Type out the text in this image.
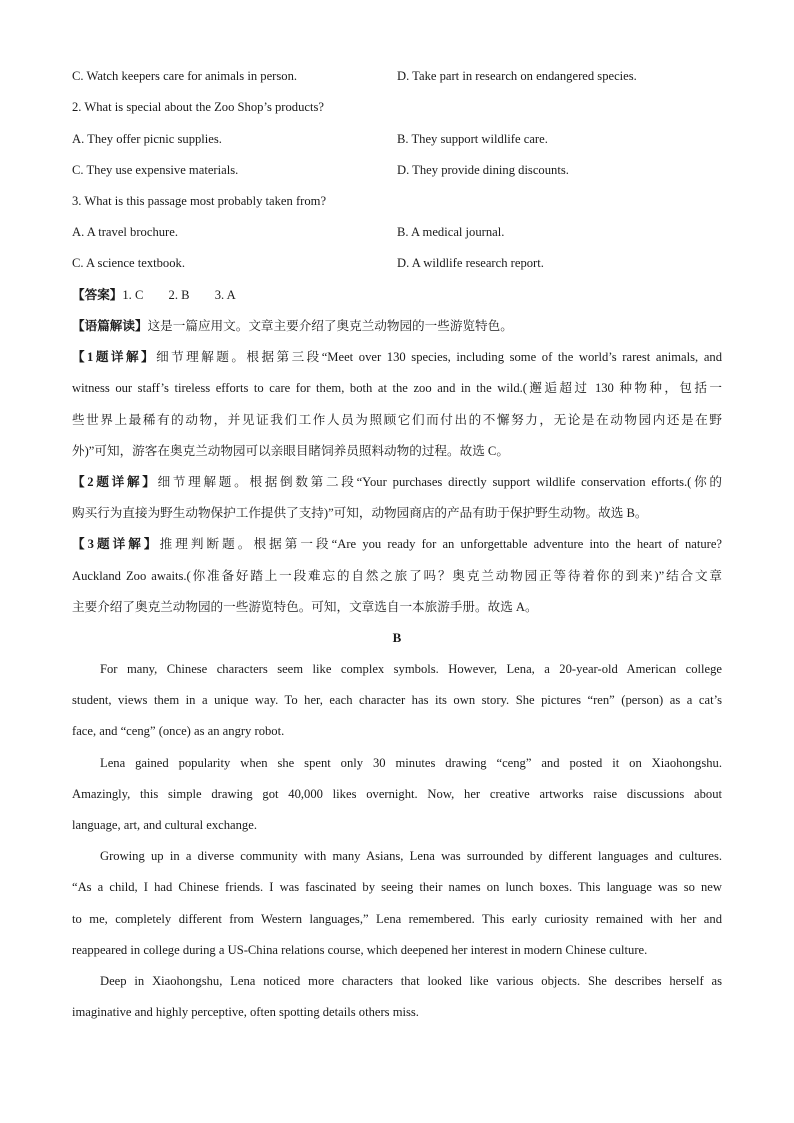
C. Watch keepers care for animals in person.	D. Take part in research on endangered species.
2. What is special about the Zoo Shop’s products?
A. They offer picnic supplies.	B. They support wildlife care.
C. They use expensive materials.	D. They provide dining discounts.
3. What is this passage most probably taken from?
A. A travel brochure.	B. A medical journal.
C. A science textbook.	D. A wildlife research report.
【答案】1. C　　2. B　　3. A
【语篇解读】这是一篇应用文。文章主要介绍了奥克兰动物园的一些游览特色。
【1题详解】细节理解题。根据第三段“Meet over 130 species, including some of the world’s rarest animals, and
witness our staff’s tireless efforts to care for them, both at the zoo and in the wild.(邂逅超过 130 种物种，包括一
些世界上最稀有的动物，并见证我们工作人员为照顾它们而付出的不懈努力，无论是在动物园内还是在野
外)”可知，游客在奥克兰动物园可以亲眼目睹饲养员照料动物的过程。故选 C。
【2题详解】细节理解题。根据倒数第二段“Your purchases directly support wildlife conservation efforts.(你的
购买行为直接为野生动物保护工作提供了支持)”可知，动物园商店的产品有助于保护野生动物。故选 B。
【3题详解】推理判断题。根据第一段“Are you ready for an unforgettable adventure into the heart of nature?
Auckland Zoo awaits.(你准备好踏上一段难忘的自然之旅了吗？奥克兰动物园正等待着你的到来)”结合文章
主要介绍了奥克兰动物园的一些游览特色。可知，文章选自一本旅游手册。故选 A。
B
For many, Chinese characters seem like complex symbols. However, Lena, a 20-year-old American college
student, views them in a unique way. To her, each character has its own story. She pictures “ren” (person) as a cat’s
face, and “ceng” (once) as an angry robot.
Lena gained popularity when she spent only 30 minutes drawing “ceng” and posted it on Xiaohongshu.
Amazingly, this simple drawing got 40,000 likes overnight. Now, her creative artworks raise discussions about
language, art, and cultural exchange.
Growing up in a diverse community with many Asians, Lena was surrounded by different languages and cultures.
“As a child, I had Chinese friends. I was fascinated by seeing their names on lunch boxes. This language was so new
to me, completely different from Western languages,” Lena remembered. This early curiosity remained with her and
reappeared in college during a US-China relations course, which deepened her interest in modern Chinese culture.
Deep in Xiaohongshu, Lena noticed more characters that looked like various objects. She describes herself as
imaginative and highly perceptive, often spotting details others miss.
